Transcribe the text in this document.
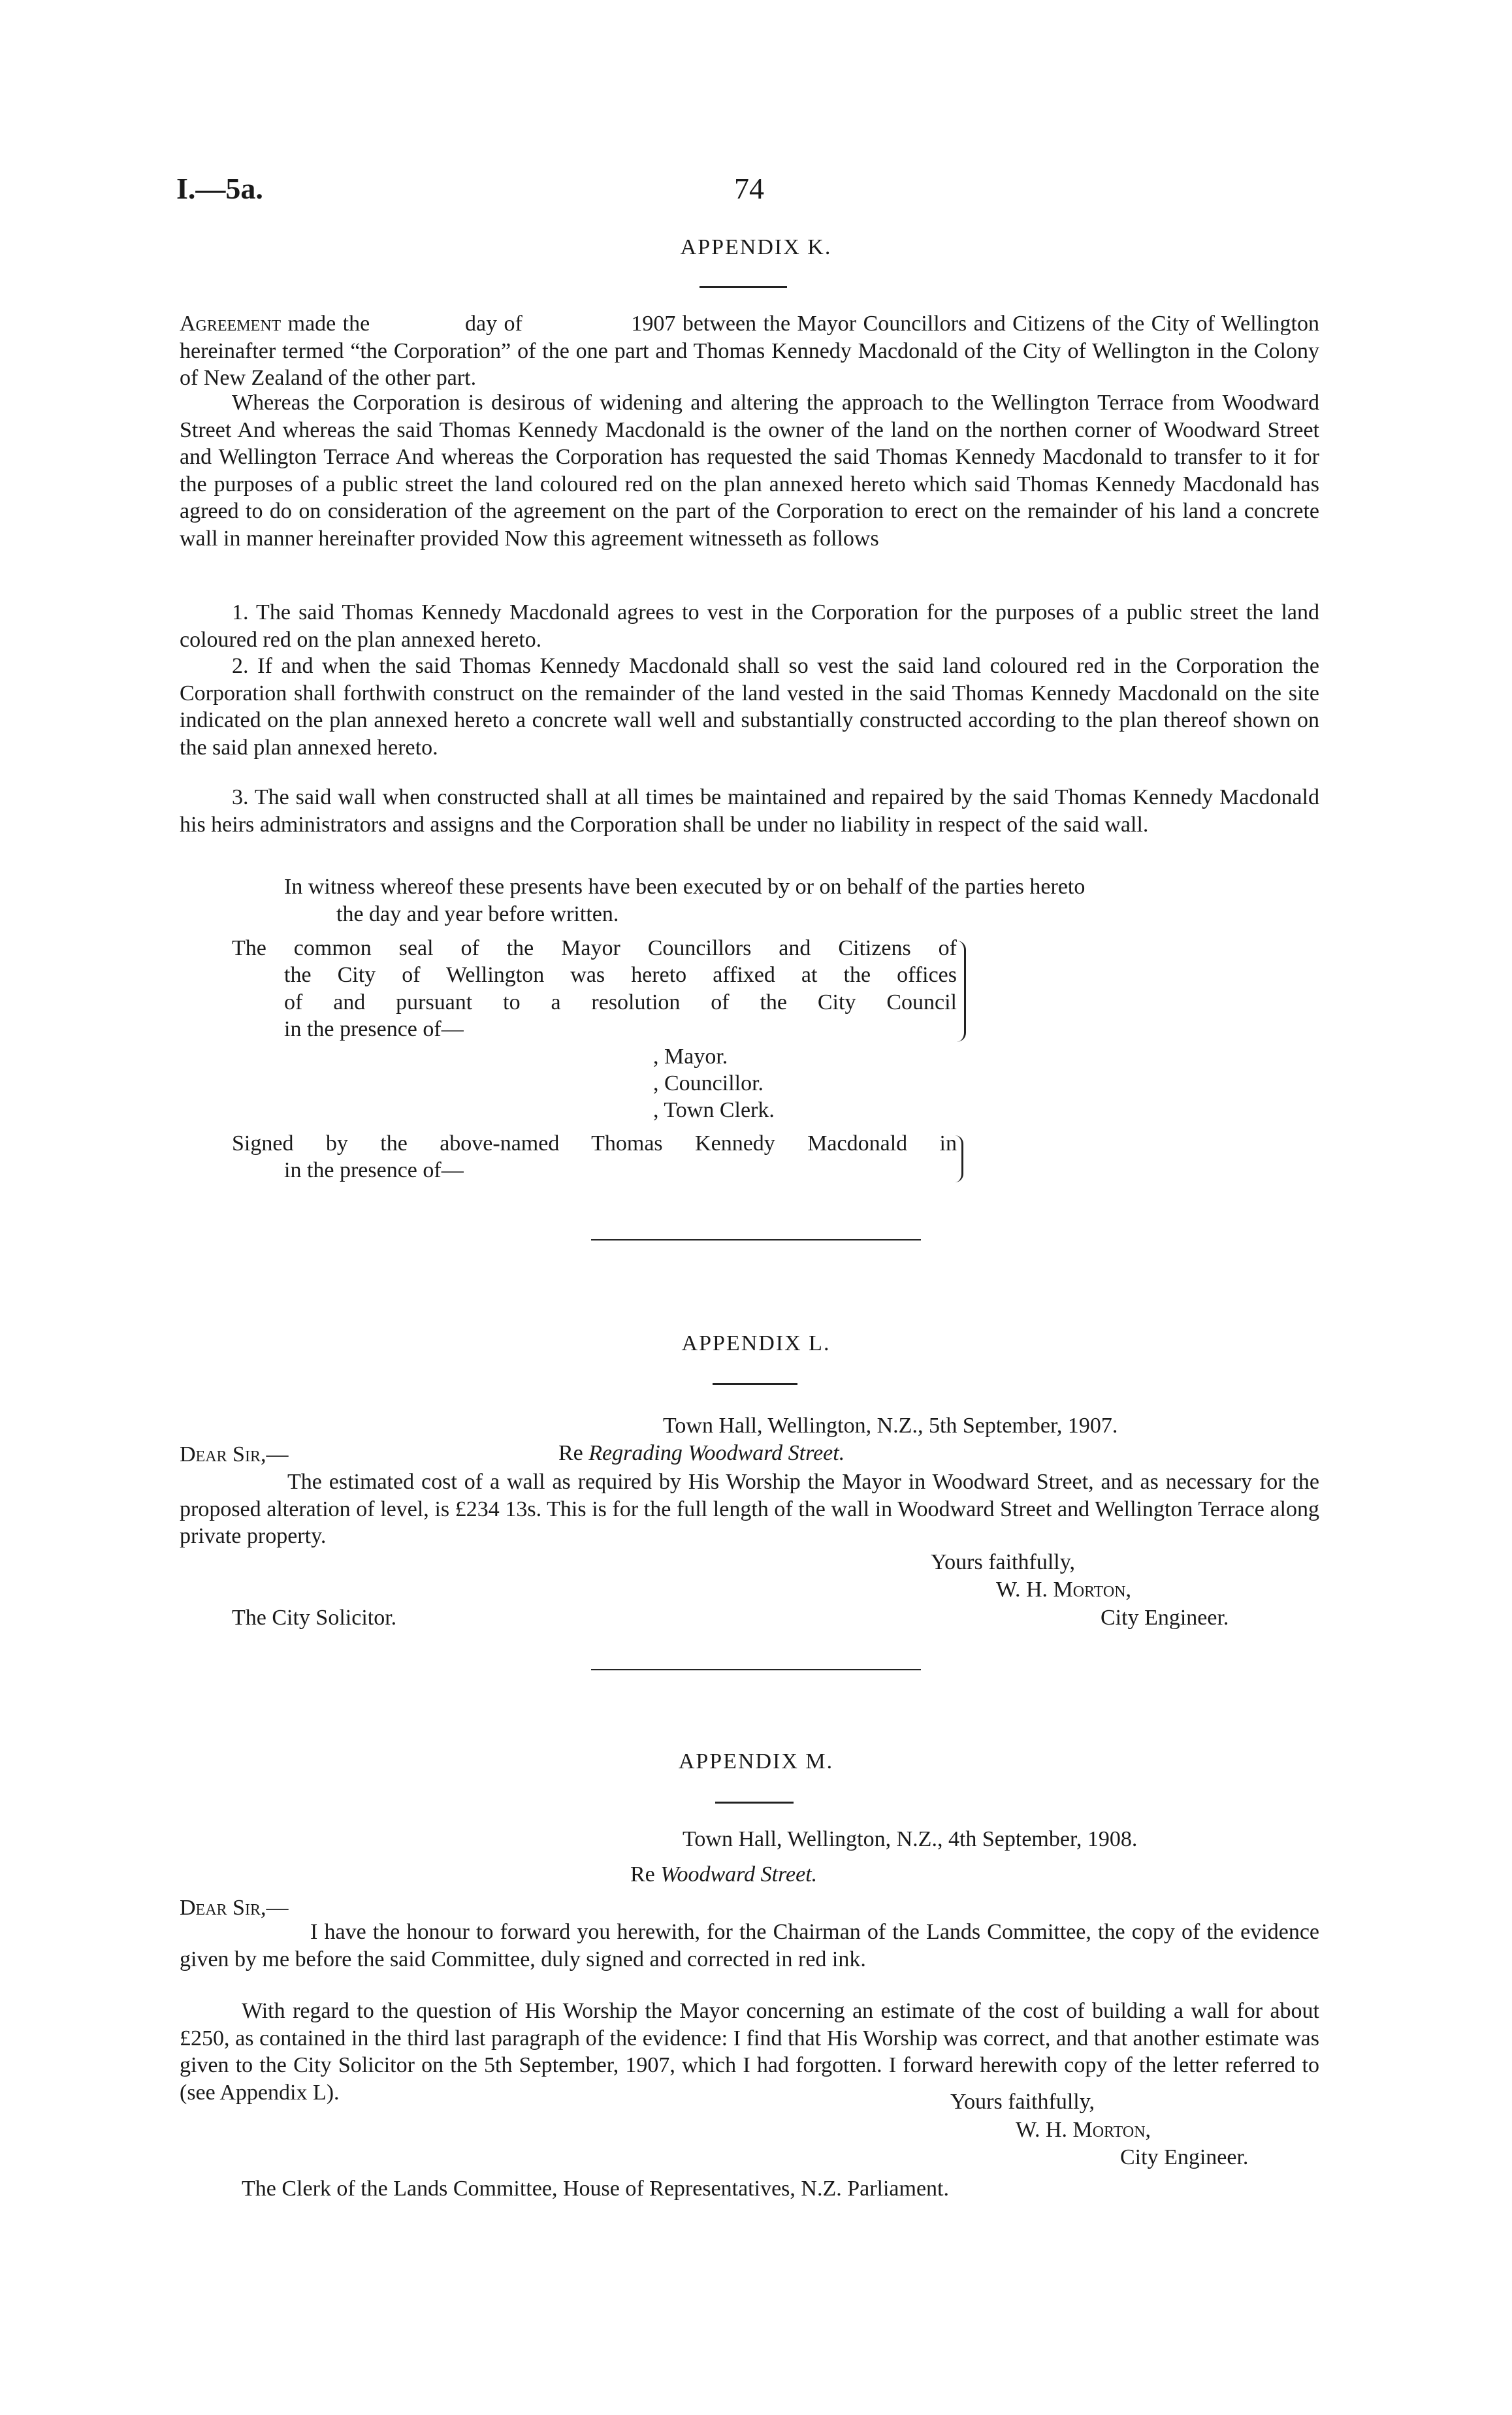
I.—5a.	74
APPENDIX K.
Agreement made the              day of                1907 between the Mayor Councillors and Citizens of the City of Wellington hereinafter termed “the Corporation” of the one part and Thomas Kennedy Macdonald of the City of Wellington in the Colony of New Zealand of the other part.
Whereas the Corporation is desirous of widening and altering the approach to the Wellington Terrace from Woodward Street And whereas the said Thomas Kennedy Macdonald is the owner of the land on the northen corner of Woodward Street and Wellington Terrace And whereas the Corporation has requested the said Thomas Kennedy Macdonald to transfer to it for the purposes of a public street the land coloured red on the plan annexed hereto which said Thomas Kennedy Macdonald has agreed to do on consideration of the agreement on the part of the Corporation to erect on the remainder of his land a concrete wall in manner hereinafter provided Now this agreement witnesseth as follows
1. The said Thomas Kennedy Macdonald agrees to vest in the Corporation for the purposes of a public street the land coloured red on the plan annexed hereto.
2. If and when the said Thomas Kennedy Macdonald shall so vest the said land coloured red in the Corporation the Corporation shall forthwith construct on the remainder of the land vested in the said Thomas Kennedy Macdonald on the site indicated on the plan annexed hereto a concrete wall well and substantially constructed according to the plan thereof shown on the said plan annexed hereto.
3. The said wall when constructed shall at all times be maintained and repaired by the said Thomas Kennedy Macdonald his heirs administrators and assigns and the Corporation shall be under no liability in respect of the said wall.
In witness whereof these presents have been executed by or on behalf of the parties hereto
the day and year before written.
The common seal of the Mayor Councillors and Citizens of
the City of Wellington was hereto affixed at the offices
of and pursuant to a resolution of the City Council
in the presence of—
, Mayor.
, Councillor.
, Town Clerk.
Signed by the above-named Thomas Kennedy Macdonald in
in the presence of—
APPENDIX L.
Town Hall, Wellington, N.Z., 5th September, 1907.
Dear Sir,—	Re Regrading Woodward Street.
The estimated cost of a wall as required by His Worship the Mayor in Woodward Street, and as necessary for the proposed alteration of level, is £234 13s. This is for the full length of the wall in Woodward Street and Wellington Terrace along private property.
Yours faithfully,
W. H. Morton,
The City Solicitor.	City Engineer.
APPENDIX M.
Town Hall, Wellington, N.Z., 4th September, 1908.
Re Woodward Street.
Dear Sir,—
I have the honour to forward you herewith, for the Chairman of the Lands Committee, the copy of the evidence given by me before the said Committee, duly signed and corrected in red ink.
With regard to the question of His Worship the Mayor concerning an estimate of the cost of building a wall for about £250, as contained in the third last paragraph of the evidence: I find that His Worship was correct, and that another estimate was given to the City Solicitor on the 5th September, 1907, which I had forgotten. I forward herewith copy of the letter referred to (see Appendix L).	Yours faithfully,
W. H. Morton,
City Engineer.
The Clerk of the Lands Committee, House of Representatives, N.Z. Parliament.
